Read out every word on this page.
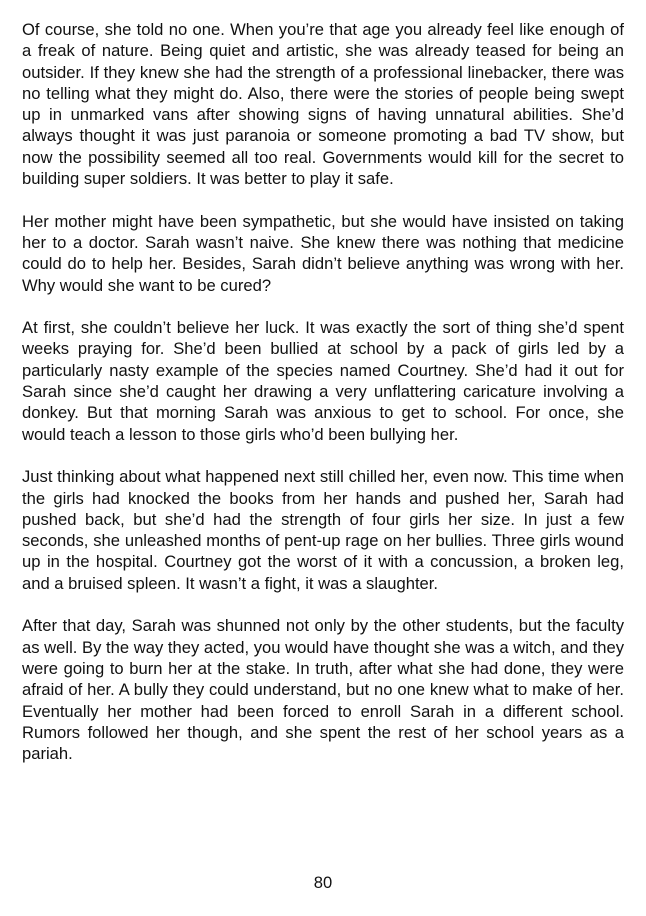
Of course, she told no one. When you’re that age you already feel like enough of a freak of nature. Being quiet and artistic, she was already teased for being an outsider. If they knew she had the strength of a professional linebacker, there was no telling what they might do. Also, there were the stories of people being swept up in unmarked vans after showing signs of having unnatural abilities. She’d always thought it was just paranoia or someone promoting a bad TV show, but now the possibility seemed all too real. Governments would kill for the secret to building super soldiers. It was better to play it safe.

Her mother might have been sympathetic, but she would have insisted on taking her to a doctor. Sarah wasn’t naive. She knew there was nothing that medicine could do to help her. Besides, Sarah didn’t believe anything was wrong with her. Why would she want to be cured?

At first, she couldn’t believe her luck. It was exactly the sort of thing she’d spent weeks praying for. She’d been bullied at school by a pack of girls led by a particularly nasty example of the species named Courtney. She’d had it out for Sarah since she’d caught her drawing a very unflattering caricature involving a donkey. But that morning Sarah was anxious to get to school. For once, she would teach a lesson to those girls who’d been bullying her.

Just thinking about what happened next still chilled her, even now. This time when the girls had knocked the books from her hands and pushed her, Sarah had pushed back, but she’d had the strength of four girls her size. In just a few seconds, she unleashed months of pent-up rage on her bullies. Three girls wound up in the hospital. Courtney got the worst of it with a concussion, a broken leg, and a bruised spleen. It wasn’t a fight, it was a slaughter.

After that day, Sarah was shunned not only by the other students, but the faculty as well. By the way they acted, you would have thought she was a witch, and they were going to burn her at the stake. In truth, after what she had done, they were afraid of her. A bully they could understand, but no one knew what to make of her. Eventually her mother had been forced to enroll Sarah in a different school. Rumors followed her though, and she spent the rest of her school years as a pariah.

80
